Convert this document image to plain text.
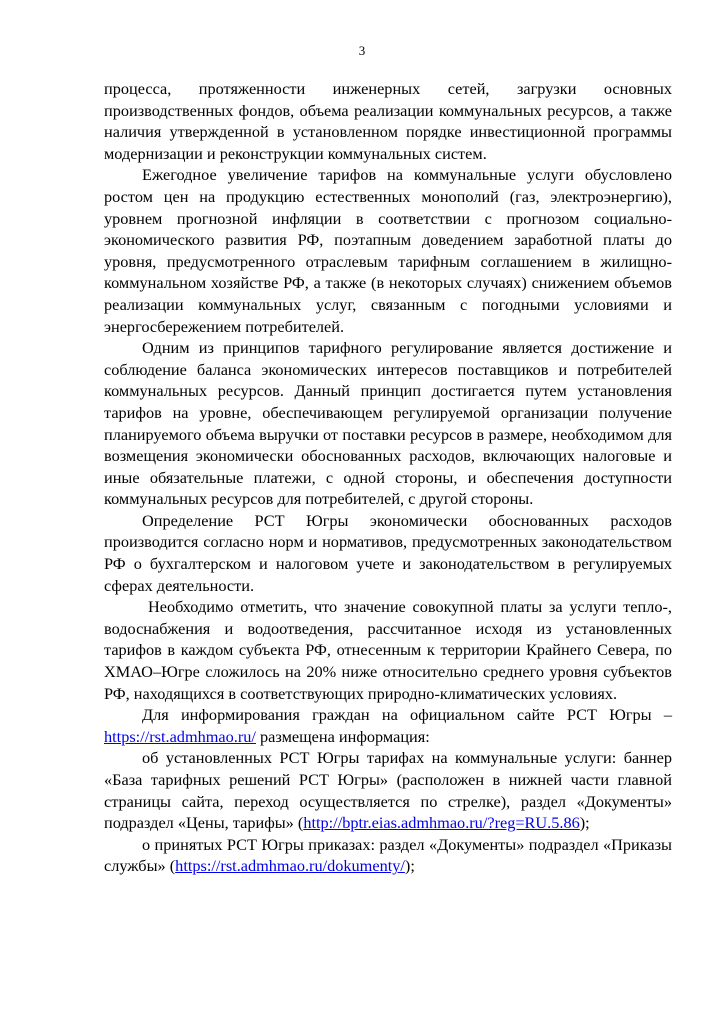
3

процесса, протяженности инженерных сетей, загрузки основных производственных фондов, объема реализации коммунальных ресурсов, а также наличия утвержденной в установленном порядке инвестиционной программы модернизации и реконструкции коммунальных систем.

Ежегодное увеличение тарифов на коммунальные услуги обусловлено ростом цен на продукцию естественных монополий (газ, электроэнергию), уровнем прогнозной инфляции в соответствии с прогнозом социально-экономического развития РФ, поэтапным доведением заработной платы до уровня, предусмотренного отраслевым тарифным соглашением в жилищно-коммунальном хозяйстве РФ, а также (в некоторых случаях) снижением объемов реализации коммунальных услуг, связанным с погодными условиями и энергосбережением потребителей.

Одним из принципов тарифного регулирование является достижение и соблюдение баланса экономических интересов поставщиков и потребителей коммунальных ресурсов. Данный принцип достигается путем установления тарифов на уровне, обеспечивающем регулируемой организации получение планируемого объема выручки от поставки ресурсов в размере, необходимом для возмещения экономически обоснованных расходов, включающих налоговые и иные обязательные платежи, с одной стороны, и обеспечения доступности коммунальных ресурсов для потребителей, с другой стороны.

Определение РСТ Югры экономически обоснованных расходов производится согласно норм и нормативов, предусмотренных законодательством РФ о бухгалтерском и налоговом учете и законодательством в регулируемых сферах деятельности.

Необходимо отметить, что значение совокупной платы за услуги тепло-, водоснабжения и водоотведения, рассчитанное исходя из установленных тарифов в каждом субъекта РФ, отнесенным к территории Крайнего Севера, по ХМАО–Югре сложилось на 20% ниже относительно среднего уровня субъектов РФ, находящихся в соответствующих природно-климатических условиях.

Для информирования граждан на официальном сайте РСТ Югры – https://rst.admhmao.ru/ размещена информация:

об установленных РСТ Югры тарифах на коммунальные услуги: баннер «База тарифных решений РСТ Югры» (расположен в нижней части главной страницы сайта, переход осуществляется по стрелке), раздел «Документы» подраздел «Цены, тарифы» (http://bptr.eias.admhmao.ru/?reg=RU.5.86);

о принятых РСТ Югры приказах: раздел «Документы» подраздел «Приказы службы» (https://rst.admhmao.ru/dokumenty/);
